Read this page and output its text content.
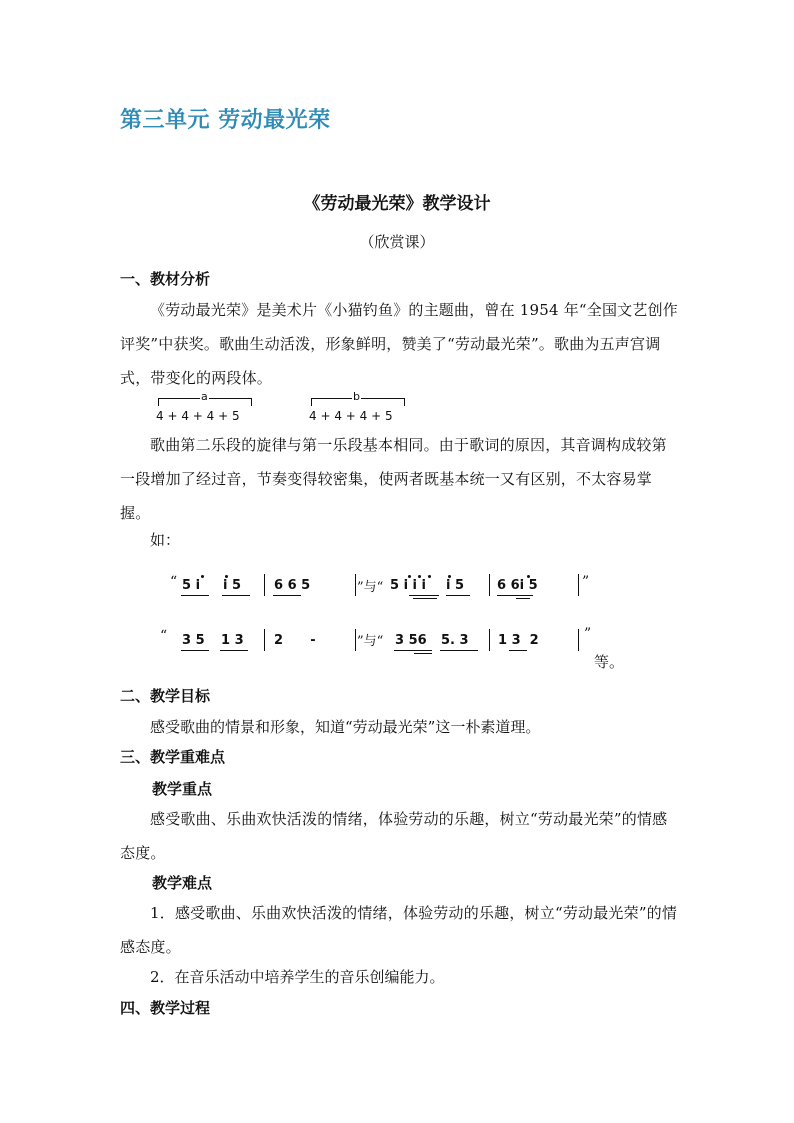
第三单元 劳动最光荣
《劳动最光荣》教学设计
（欣赏课）
一、教材分析
《劳动最光荣》是美术片《小猫钓鱼》的主题曲，曾在 1954 年“全国文艺创作评奖”中获奖。歌曲生动活泼，形象鲜明，赞美了“劳动最光荣”。歌曲为五声宫调式，带变化的两段体。
a
4 + 4 + 4 + 5
b
4 + 4 + 4 + 5
歌曲第二乐段的旋律与第一乐段基本相同。由于歌词的原因，其音调构成较第一段增加了经过音，节奏变得较密集，使两者既基本统一又有区别，不太容易掌握。
如：
“ 5 i i 5	6 6 5	”与“ 5 i i i i 5	6 6i 5	”
“ 3 5 1 3 2      -	”与“ 3 56 5. 3 1 3  2	”
等。
二、教学目标
感受歌曲的情景和形象，知道“劳动最光荣”这一朴素道理。
三、教学重难点
教学重点
感受歌曲、乐曲欢快活泼的情绪，体验劳动的乐趣，树立“劳动最光荣”的情感态度。
教学难点
1．感受歌曲、乐曲欢快活泼的情绪，体验劳动的乐趣，树立“劳动最光荣”的情感态度。
2．在音乐活动中培养学生的音乐创编能力。
四、教学过程
